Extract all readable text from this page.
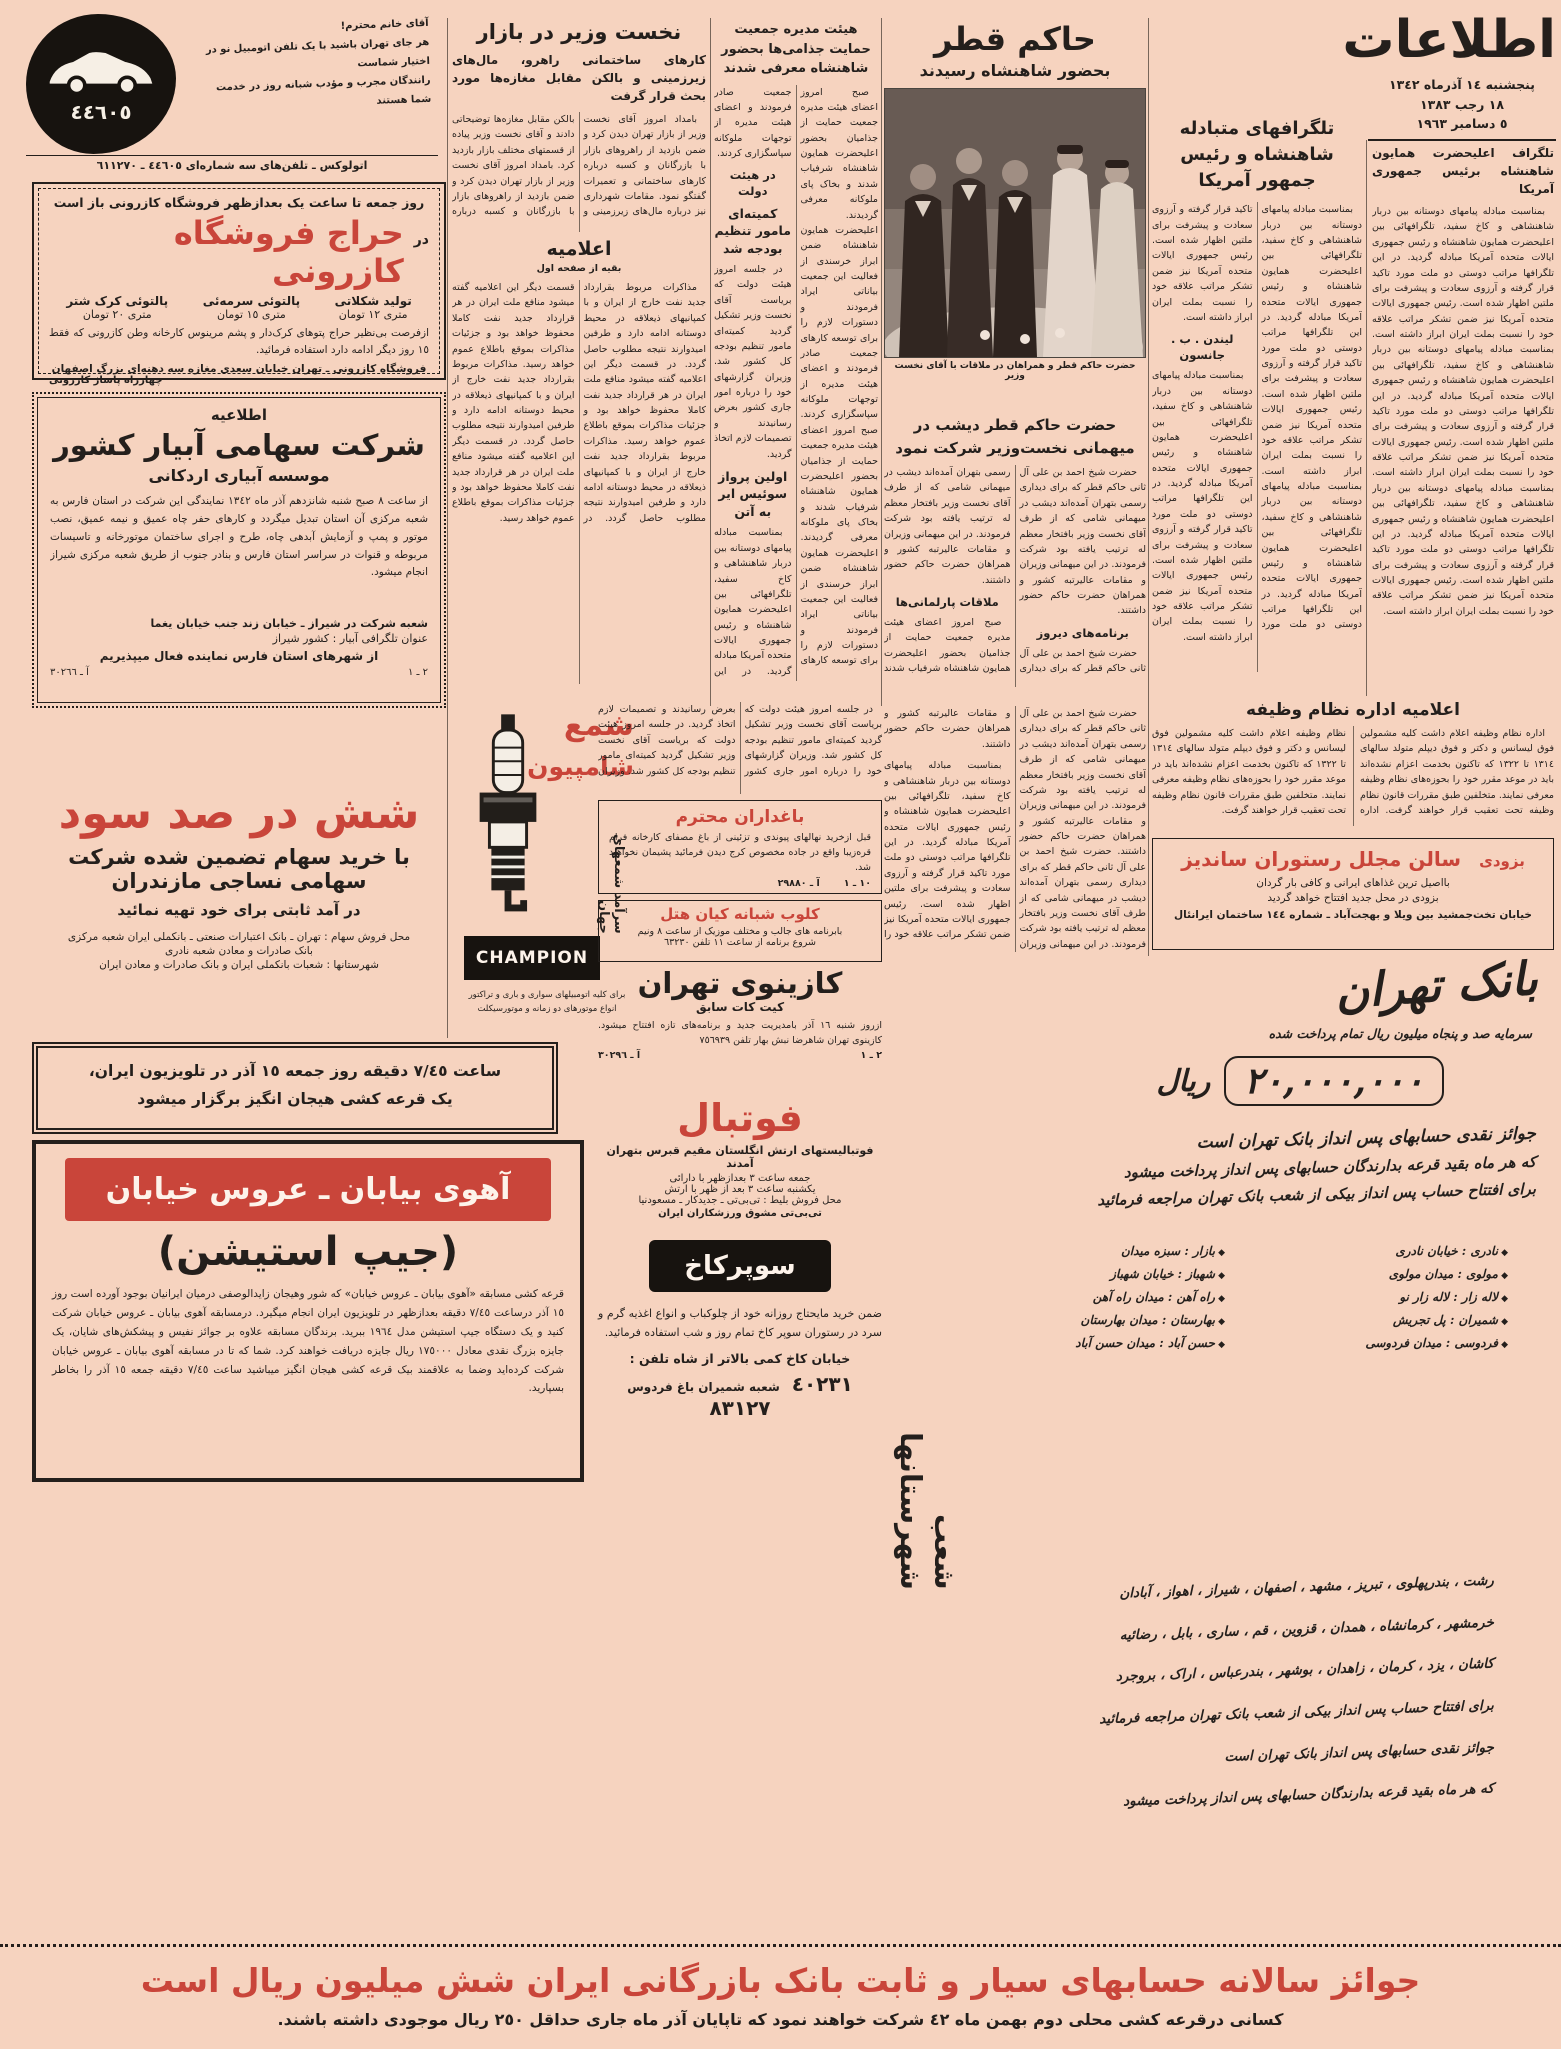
اطلاعات
پنجشنبه ١٤ آذرماه ١٣٤٢
١٨ رجب ١٣٨٣
٥ دسامبر ١٩٦٣
٤٤٦٠٥
آقای خانم محترم!
هر جای تهران باشید با یک تلفن اتومبیل نو در اختیار شماست
رانندگان مجرب و مؤدب شبانه روز در خدمت شما هستند
اتولوکس ـ تلفن‌های سه شماره‌ای ٤٤٦٠٥ ـ ٦١١٢٧٠
نخست وزیر در بازار

کارهای ساختمانی راهرو، مال‌های زیرزمینی و بالکن مقابل مغازه‌ها مورد بحث قرار گرفت

بامداد امروز آقای نخست وزیر از بازار تهران دیدن کرد و ضمن بازدید از راهروهای بازار با بازرگانان و کسبه درباره کارهای ساختمانی و تعمیرات گفتگو نمود. مقامات شهرداری نیز درباره مال‌های زیرزمینی و بالکن مقابل مغازه‌ها توضیحاتی دادند و آقای نخست وزیر پیاده از قسمتهای مختلف بازار بازدید کرد. بامداد امروز آقای نخست وزیر از بازار تهران دیدن کرد و ضمن بازدید از راهروهای بازار با بازرگانان و کسبه درباره

اعلامیه
بقیه از صفحه اول

مذاکرات مربوط بقرارداد جدید نفت خارج از ایران و با کمپانیهای ذیعلاقه در محیط دوستانه ادامه دارد و طرفین امیدوارند نتیجه مطلوب حاصل گردد. در قسمت دیگر این اعلامیه گفته میشود منافع ملت ایران در هر قرارداد جدید نفت کاملا محفوظ خواهد بود و جزئیات مذاکرات بموقع باطلاع عموم خواهد رسید. مذاکرات مربوط بقرارداد جدید نفت خارج از ایران و با کمپانیهای ذیعلاقه در محیط دوستانه ادامه دارد و طرفین امیدوارند نتیجه مطلوب حاصل گردد. در قسمت دیگر این اعلامیه گفته میشود منافع ملت ایران در هر قرارداد جدید نفت کاملا محفوظ خواهد بود و جزئیات مذاکرات بموقع باطلاع عموم خواهد رسید. مذاکرات مربوط بقرارداد جدید نفت خارج از ایران و با کمپانیهای ذیعلاقه در محیط دوستانه ادامه دارد و طرفین امیدوارند نتیجه مطلوب حاصل گردد. در قسمت دیگر این اعلامیه گفته میشود منافع ملت ایران در هر قرارداد جدید نفت کاملا محفوظ خواهد بود و جزئیات مذاکرات بموقع باطلاع عموم خواهد رسید.

هیئت مدیره جمعیت حمایت جذامی‌ها بحضور شاهنشاه معرفی شدند

صبح امروز اعضای هیئت مدیره جمعیت حمایت از جذامیان بحضور اعلیحضرت همایون شاهنشاه شرفیاب شدند و بخاک پای ملوکانه معرفی گردیدند. اعلیحضرت همایون شاهنشاه ضمن ابراز خرسندی از فعالیت این جمعیت بیاناتی ایراد فرمودند و دستورات لازم را برای توسعه کارهای جمعیت صادر فرمودند و اعضای هیئت مدیره از توجهات ملوکانه سپاسگزاری کردند. صبح امروز اعضای هیئت مدیره جمعیت حمایت از جذامیان بحضور اعلیحضرت همایون شاهنشاه شرفیاب شدند و بخاک پای ملوکانه معرفی گردیدند. اعلیحضرت همایون شاهنشاه ضمن ابراز خرسندی از فعالیت این جمعیت بیاناتی ایراد فرمودند و دستورات لازم را برای توسعه کارهای جمعیت صادر فرمودند و اعضای هیئت مدیره از توجهات ملوکانه سپاسگزاری کردند.

در هیئت دولت
کمیته‌ای مامور تنظیم بودجه شد

در جلسه امروز هیئت دولت که بریاست آقای نخست وزیر تشکیل گردید کمیته‌ای مامور تنظیم بودجه کل کشور شد. وزیران گزارشهای خود را درباره امور جاری کشور بعرض رسانیدند و تصمیمات لازم اتخاذ گردید.

اولین پرواز سوئیس ایر به آتن

بمناسبت مبادله پیامهای دوستانه بین دربار شاهنشاهی و کاخ سفید، تلگرافهائی بین اعلیحضرت همایون شاهنشاه و رئیس جمهوری ایالات متحده آمریکا مبادله گردید. در این

حاکم قطر
بحضور شاهنشاه رسیدند
حضرت حاکم قطر و همراهان در ملاقات با آقای نخست وزیر
حضرت حاکم قطر دیشب در میهمانی نخست‌وزیر شرکت نمود

حضرت شیخ احمد بن علی آل ثانی حاکم قطر که برای دیداری رسمی بتهران آمده‌اند دیشب در میهمانی شامی که از طرف آقای نخست وزیر بافتخار معظم له ترتیب یافته بود شرکت فرمودند. در این میهمانی وزیران و مقامات عالیرتبه کشور و همراهان حضرت حاکم حضور داشتند.

برنامه‌های دیروز

حضرت شیخ احمد بن علی آل ثانی حاکم قطر که برای دیداری رسمی بتهران آمده‌اند دیشب در میهمانی شامی که از طرف آقای نخست وزیر بافتخار معظم له ترتیب یافته بود شرکت فرمودند. در این میهمانی وزیران و مقامات عالیرتبه کشور و همراهان حضرت حاکم حضور داشتند.

ملاقات پارلمانی‌ها

صبح امروز اعضای هیئت مدیره جمعیت حمایت از جذامیان بحضور اعلیحضرت همایون شاهنشاه شرفیاب شدند

حضرت شیخ احمد بن علی آل ثانی حاکم قطر که برای دیداری رسمی بتهران آمده‌اند دیشب در میهمانی شامی که از طرف آقای نخست وزیر بافتخار معظم له ترتیب یافته بود شرکت فرمودند. در این میهمانی وزیران و مقامات عالیرتبه کشور و همراهان حضرت حاکم حضور داشتند. حضرت شیخ احمد بن علی آل ثانی حاکم قطر که برای دیداری رسمی بتهران آمده‌اند دیشب در میهمانی شامی که از طرف آقای نخست وزیر بافتخار معظم له ترتیب یافته بود شرکت فرمودند. در این میهمانی وزیران و مقامات عالیرتبه کشور و همراهان حضرت حاکم حضور داشتند.

بمناسبت مبادله پیامهای دوستانه بین دربار شاهنشاهی و کاخ سفید، تلگرافهائی بین اعلیحضرت همایون شاهنشاه و رئیس جمهوری ایالات متحده آمریکا مبادله گردید. در این تلگرافها مراتب دوستی دو ملت مورد تاکید قرار گرفته و آرزوی سعادت و پیشرفت برای ملتین اظهار شده است. رئیس جمهوری ایالات متحده آمریکا نیز ضمن تشکر مراتب علاقه خود را

تلگرافهای متبادله شاهنشاه و رئیس جمهور آمریکا

بمناسبت مبادله پیامهای دوستانه بین دربار شاهنشاهی و کاخ سفید، تلگرافهائی بین اعلیحضرت همایون شاهنشاه و رئیس جمهوری ایالات متحده آمریکا مبادله گردید. در این تلگرافها مراتب دوستی دو ملت مورد تاکید قرار گرفته و آرزوی سعادت و پیشرفت برای ملتین اظهار شده است. رئیس جمهوری ایالات متحده آمریکا نیز ضمن تشکر مراتب علاقه خود را نسبت بملت ایران ابراز داشته است. بمناسبت مبادله پیامهای دوستانه بین دربار شاهنشاهی و کاخ سفید، تلگرافهائی بین اعلیحضرت همایون شاهنشاه و رئیس جمهوری ایالات متحده آمریکا مبادله گردید. در این تلگرافها مراتب دوستی دو ملت مورد تاکید قرار گرفته و آرزوی سعادت و پیشرفت برای ملتین اظهار شده است. رئیس جمهوری ایالات متحده آمریکا نیز ضمن تشکر مراتب علاقه خود را نسبت بملت ایران ابراز داشته است.

لیندن . ب . جانسون

بمناسبت مبادله پیامهای دوستانه بین دربار شاهنشاهی و کاخ سفید، تلگرافهائی بین اعلیحضرت همایون شاهنشاه و رئیس جمهوری ایالات متحده آمریکا مبادله گردید. در این تلگرافها مراتب دوستی دو ملت مورد تاکید قرار گرفته و آرزوی سعادت و پیشرفت برای ملتین اظهار شده است. رئیس جمهوری ایالات متحده آمریکا نیز ضمن تشکر مراتب علاقه خود را نسبت بملت ایران ابراز داشته است.

تلگراف اعلیحضرت همایون شاهنشاه برئیس جمهوری آمریکا

بمناسبت مبادله پیامهای دوستانه بین دربار شاهنشاهی و کاخ سفید، تلگرافهائی بین اعلیحضرت همایون شاهنشاه و رئیس جمهوری ایالات متحده آمریکا مبادله گردید. در این تلگرافها مراتب دوستی دو ملت مورد تاکید قرار گرفته و آرزوی سعادت و پیشرفت برای ملتین اظهار شده است. رئیس جمهوری ایالات متحده آمریکا نیز ضمن تشکر مراتب علاقه خود را نسبت بملت ایران ابراز داشته است. بمناسبت مبادله پیامهای دوستانه بین دربار شاهنشاهی و کاخ سفید، تلگرافهائی بین اعلیحضرت همایون شاهنشاه و رئیس جمهوری ایالات متحده آمریکا مبادله گردید. در این تلگرافها مراتب دوستی دو ملت مورد تاکید قرار گرفته و آرزوی سعادت و پیشرفت برای ملتین اظهار شده است. رئیس جمهوری ایالات متحده آمریکا نیز ضمن تشکر مراتب علاقه خود را نسبت بملت ایران ابراز داشته است. بمناسبت مبادله پیامهای دوستانه بین دربار شاهنشاهی و کاخ سفید، تلگرافهائی بین اعلیحضرت همایون شاهنشاه و رئیس جمهوری ایالات متحده آمریکا مبادله گردید. در این تلگرافها مراتب دوستی دو ملت مورد تاکید قرار گرفته و آرزوی سعادت و پیشرفت برای ملتین اظهار شده است. رئیس جمهوری ایالات متحده آمریکا نیز ضمن تشکر مراتب علاقه خود را نسبت بملت ایران ابراز داشته است.

اعلامیه اداره نظام وظیفه

اداره نظام وظیفه اعلام داشت کلیه مشمولین فوق لیسانس و دکتر و فوق دیپلم متولد سالهای ١٣١٤ تا ١٣٢٢ که تاکنون بخدمت اعزام نشده‌اند باید در موعد مقرر خود را بحوزه‌های نظام وظیفه معرفی نمایند. متخلفین طبق مقررات قانون نظام وظیفه تحت تعقیب قرار خواهند گرفت. اداره نظام وظیفه اعلام داشت کلیه مشمولین فوق لیسانس و دکتر و فوق دیپلم متولد سالهای ١٣١٤ تا ١٣٢٢ که تاکنون بخدمت اعزام نشده‌اند باید در موعد مقرر خود را بحوزه‌های نظام وظیفه معرفی نمایند. متخلفین طبق مقررات قانون نظام وظیفه تحت تعقیب قرار خواهند گرفت.

بزودی
سالن مجلل رستوران ساندیز
بااصیل ترین غذاهای ایرانی و کافی بار گردان
بزودی در محل جدید افتتاح خواهد گردید
خیابان تخت‌جمشید بین ویلا و بهجت‌آباد ـ شماره ١٤٤ ساختمان ایرانئال
بانک تهران
سرمایه صد و پنجاه میلیون ریال تمام پرداخت شده
٢٠,٠٠٠,٠٠٠
ریال
جوائز نقدی حسابهای پس انداز بانک تهران است
که هر ماه بقید قرعه بدارندگان حسابهای پس انداز پرداخت میشود
برای افتتاح حساب پس انداز بیکی از شعب بانک تهران مراجعه فرمائید
◆ نادری : خیابان نادری
◆ بازار : سبزه میدان
◆ مولوی : میدان مولوی
◆ شهباز : خیابان شهباز
◆ لاله زار : لاله زار نو
◆ راه آهن : میدان راه آهن
◆ شمیران : پل تجریش
◆ بهارستان : میدان بهارستان
◆ فردوسی : میدان فردوسی
◆ حسن آباد : میدان حسن آباد
شعب شهرستانها	رشت ، بندرپهلوی ، تبریز ، مشهد ، اصفهان ، شیراز ، اهواز ، آبادان
خرمشهر ، کرمانشاه ، همدان ، قزوین ، قم ، ساری ، بابل ، رضائیه
کاشان ، یزد ، کرمان ، زاهدان ، بوشهر ، بندرعباس ، اراک ، بروجرد
برای افتتاح حساب پس انداز بیکی از شعب بانک تهران مراجعه فرمائید
جوائز نقدی حسابهای پس انداز بانک تهران است
که هر ماه بقید قرعه بدارندگان حسابهای پس انداز پرداخت میشود
روز جمعه تا ساعت یک بعدازظهر فروشگاه کازرونی باز است
در
حراج فروشگاه کازرونی
تولید شکلاتی
متری ١٢ تومان
پالتوئی سرمه‌ئی
متری ١٥ تومان
پالتوئی کرک شتر
متری ٢٠ تومان

ازفرصت بی‌نظیر حراج پتوهای کرک‌دار و پشم مرینوس کارخانه وطن کازرونی که فقط ١٥ روز دیگر ادامه دارد استفاده فرمائید.

فروشگاه کازرونی ـ تهران خیابان سعدی مغازه سه دهنه‌ای بزرگ اصفهان
چهارراه پاساژ کازرونی
اطلاعیه
شرکت سهامی آبیار کشور
موسسه آبیاری اردکانی

از ساعت ٨ صبح شنبه شانزدهم آذر ماه ١٣٤٢ نمایندگی این شرکت در استان فارس به شعبه مرکزی آن استان تبدیل میگردد و کارهای حفر چاه عمیق و نیمه عمیق، نصب موتور و پمپ و آزمایش آبدهی چاه، طرح و اجرای ساختمان موتورخانه و تاسیسات مربوطه و قنوات در سراسر استان فارس و بنادر جنوب از طریق شعبه مرکزی شیراز انجام میشود.

شعبه شرکت در شیراز ـ خیابان زند جنب خیابان یغما
عنوان تلگرافی آبیار : کشور شیراز
از شهرهای استان فارس نماینده فعال میپذیریم
٢ ـ ١
آ ـ ٣٠٢٦٦
شش در صد سود
با خرید سهام تضمین شده شرکت
سهامی نساجی مازندران
در آمد ثابتی برای خود تهیه نمائید
محل فروش سهام : تهران ـ بانک اعتبارات صنعتی ـ بانکملی ایران شعبه مرکزی
بانک صادرات و معادن شعبه نادری
شهرستانها : شعبات بانکملی ایران و بانک صادرات و معادن ایران
شمع
شامپیون
سرآمد شمعهای جهان
CHAMPION
برای کلیه اتومبیلهای سواری و باری و تراکتور
انواع موتورهای دو زمانه و موتورسیکلت

در جلسه امروز هیئت دولت که بریاست آقای نخست وزیر تشکیل گردید کمیته‌ای مامور تنظیم بودجه کل کشور شد. وزیران گزارشهای خود را درباره امور جاری کشور بعرض رسانیدند و تصمیمات لازم اتخاذ گردید. در جلسه امروز هیئت دولت که بریاست آقای نخست وزیر تشکیل گردید کمیته‌ای مامور تنظیم بودجه کل کشور شد. وزیران

باغداران محترم

قبل ازخرید نهالهای پیوندی و تزئینی از باغ مصفای کارخانه فرام قره‌زیبا واقع در جاده مخصوص کرج دیدن فرمائید پشیمان نخواهید شد.

١٠ ـ ١
آ ـ ٢٩٨٨٠
کلوب شبانه کیان هتل
بابرنامه های جالب و مختلف موزیک از ساعت ٨ ونیم
شروع برنامه از ساعت ١١ تلفن ٦٣٢٣٠
کازینوی تهران
کیت کات سابق

ازروز شنبه ١٦ آذر بامدیریت جدید و برنامه‌های تازه افتتاح میشود. کازینوی تهران شاهرضا نبش بهار تلفن ٧٥٦٩٣٩

٢ ـ ١
آ ـ ٣٠٢٩٦
فوتبال
فوتبالیستهای ارتش انگلستان مقیم قبرس بتهران آمدند
جمعه ساعت ٣ بعدازظهر با دارائی
یکشنبه ساعت ٣ بعد از ظهر با ارتش
محل فروش بلیط : تی‌بی‌تی ـ جدیدکار ـ مسعودنیا
تی‌بی‌تی مشوق ورزشکاران ایران
سوپرکاخ

ضمن خرید مایحتاج روزانه خود از چلوکباب و انواع اغذیه گرم و سرد در رستوران سوپر کاخ تمام روز و شب استفاده فرمائید.

خیابان کاخ کمی بالاتر از شاه تلفن :
٤٠٢٣١
شعبه شمیران باغ فردوس
٨٣١٢٧
ساعت ٧/٤٥ دقیقه روز جمعه ١٥ آذر در تلویزیون ایران،
یک قرعه کشی هیجان انگیز برگزار میشود
آهوی بیابان ـ عروس خیابان
(جیپ استیشن)

قرعه کشی مسابقه «آهوی بیابان ـ عروس خیابان» که شور وهیجان زایدالوصفی درمیان ایرانیان بوجود آورده است روز ١٥ آذر درساعت ٧/٤٥ دقیقه بعدازظهر در تلویزیون ایران انجام میگیرد. درمسابقه آهوی بیابان ـ عروس خیابان شرکت کنید و یک دستگاه جیپ استیشن مدل ١٩٦٤ ببرید. برندگان مسابقه علاوه بر جوائز نفیس و پیشکش‌های شایان، یک جایزه بزرگ نقدی معادل ١٧٥٠٠٠ ریال جایزه دریافت خواهند کرد. شما که تا در مسابقه آهوی بیابان ـ عروس خیابان شرکت کرده‌اید وضما به علاقمند بیک قرعه کشی هیجان انگیز میباشید ساعت ٧/٤٥ دقیقه جمعه ١٥ آذر را بخاطر بسپارید.

جوائز سالانه حسابهای سیار و ثابت بانک بازرگانی ایران شش میلیون ریال است
کسانی درقرعه کشی محلی دوم بهمن ماه ٤٢ شرکت خواهند نمود که تاپایان آذر ماه جاری حداقل ٢٥٠ ریال موجودی داشته باشند.
